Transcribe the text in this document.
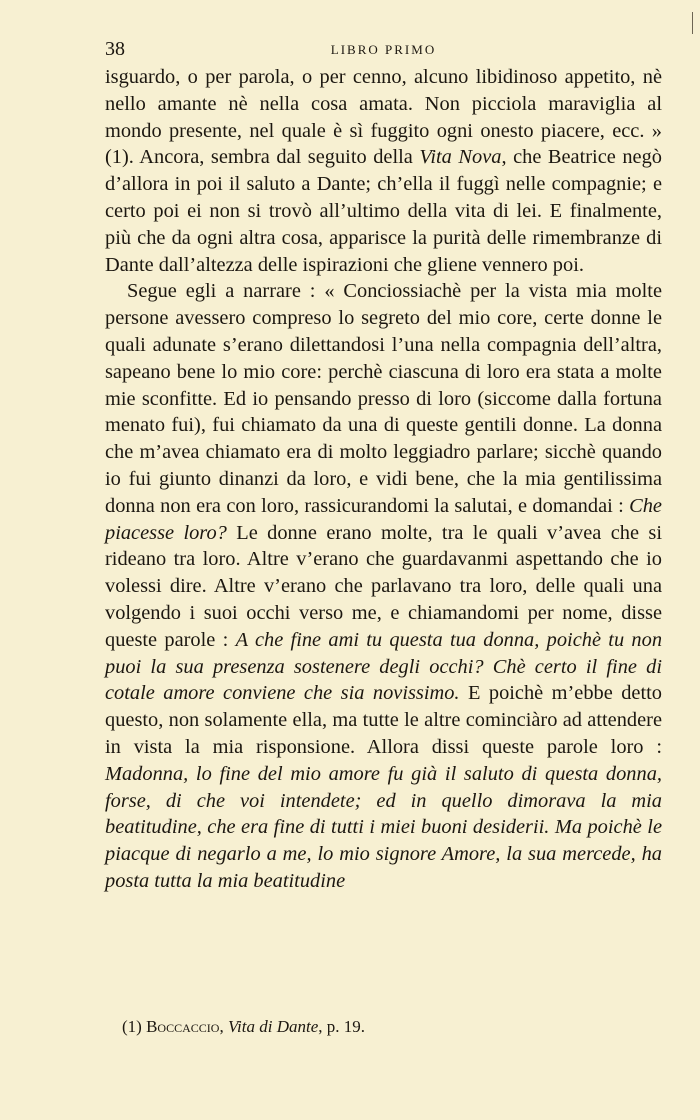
38	LIBRO PRIMO

isguardo, o per parola, o per cenno, alcuno libidinoso appetito, nè nello amante nè nella cosa amata. Non picciola maraviglia al mondo presente, nel quale è sì fuggito ogni onesto piacere, ecc. » (1). Ancora, sembra dal seguito della Vita Nova, che Beatrice negò d’allora in poi il saluto a Dante; ch’ella il fuggì nelle compagnie; e certo poi ei non si trovò all’ultimo della vita di lei. E finalmente, più che da ogni altra cosa, apparisce la purità delle rimembranze di Dante dall’altezza delle ispirazioni che gliene vennero poi.

Segue egli a narrare : « Conciossiachè per la vista mia molte persone avessero compreso lo segreto del mio core, certe donne le quali adunate s’erano dilettandosi l’una nella compagnia dell’altra, sapeano bene lo mio core: perchè ciascuna di loro era stata a molte mie sconfitte. Ed io pensando presso di loro (siccome dalla fortuna menato fui), fui chiamato da una di queste gentili donne. La donna che m’avea chiamato era di molto leggiadro parlare; sicchè quando io fui giunto dinanzi da loro, e vidi bene, che la mia gentilissima donna non era con loro, rassicurandomi la salutai, e domandai : Che piacesse loro? Le donne erano molte, tra le quali v’avea che si rideano tra loro. Altre v’erano che guardavanmi aspettando che io volessi dire. Altre v’erano che parlavano tra loro, delle quali una volgendo i suoi occhi verso me, e chiamandomi per nome, disse queste parole : A che fine ami tu questa tua donna, poichè tu non puoi la sua presenza sostenere degli occhi? Chè certo il fine di cotale amore conviene che sia novissimo. E poichè m’ebbe detto questo, non solamente ella, ma tutte le altre cominciàro ad attendere in vista la mia risponsione. Allora dissi queste parole loro : Madonna, lo fine del mio amore fu già il saluto di questa donna, forse, di che voi intendete; ed in quello dimorava la mia beatitudine, che era fine di tutti i miei buoni desiderii. Ma poichè le piacque di negarlo a me, lo mio signore Amore, la sua mercede, ha posta tutta la mia beatitudine

(1) Boccaccio, Vita di Dante, p. 19.
